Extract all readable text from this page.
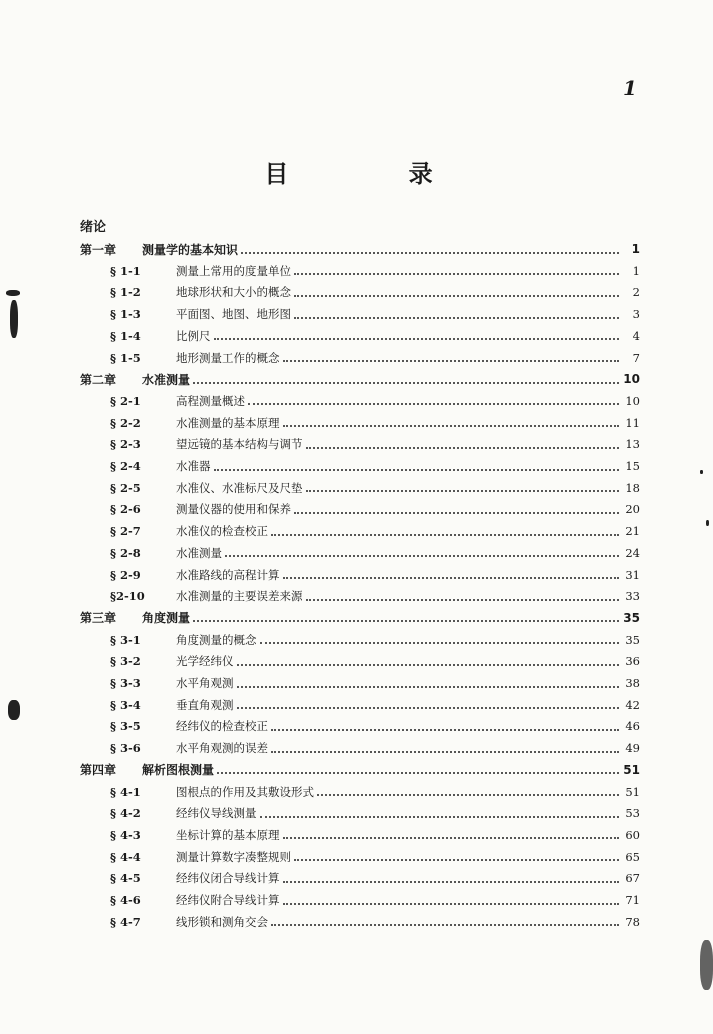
1
目 录
绪论
第一章	测量学的基本知识	1
§ 1-1	测量上常用的度量单位	1
§ 1-2	地球形状和大小的概念	2
§ 1-3	平面图、地图、地形图	3
§ 1-4	比例尺	4
§ 1-5	地形测量工作的概念	7
第二章	水准测量	10
§ 2-1	高程测量概述	10
§ 2-2	水准测量的基本原理	11
§ 2-3	望远镜的基本结构与调节	13
§ 2-4	水准器	15
§ 2-5	水准仪、水准标尺及尺垫	18
§ 2-6	测量仪器的使用和保养	20
§ 2-7	水准仪的检查校正	21
§ 2-8	水准测量	24
§ 2-9	水准路线的高程计算	31
§2-10	水准测量的主要误差来源	33
第三章	角度测量	35
§ 3-1	角度测量的概念	35
§ 3-2	光学经纬仪	36
§ 3-3	水平角观测	38
§ 3-4	垂直角观测	42
§ 3-5	经纬仪的检查校正	46
§ 3-6	水平角观测的误差	49
第四章	解析图根测量	51
§ 4-1	图根点的作用及其敷设形式	51
§ 4-2	经纬仪导线测量	53
§ 4-3	坐标计算的基本原理	60
§ 4-4	测量计算数字凑整规则	65
§ 4-5	经纬仪闭合导线计算	67
§ 4-6	经纬仪附合导线计算	71
§ 4-7	线形锁和测角交会	78
